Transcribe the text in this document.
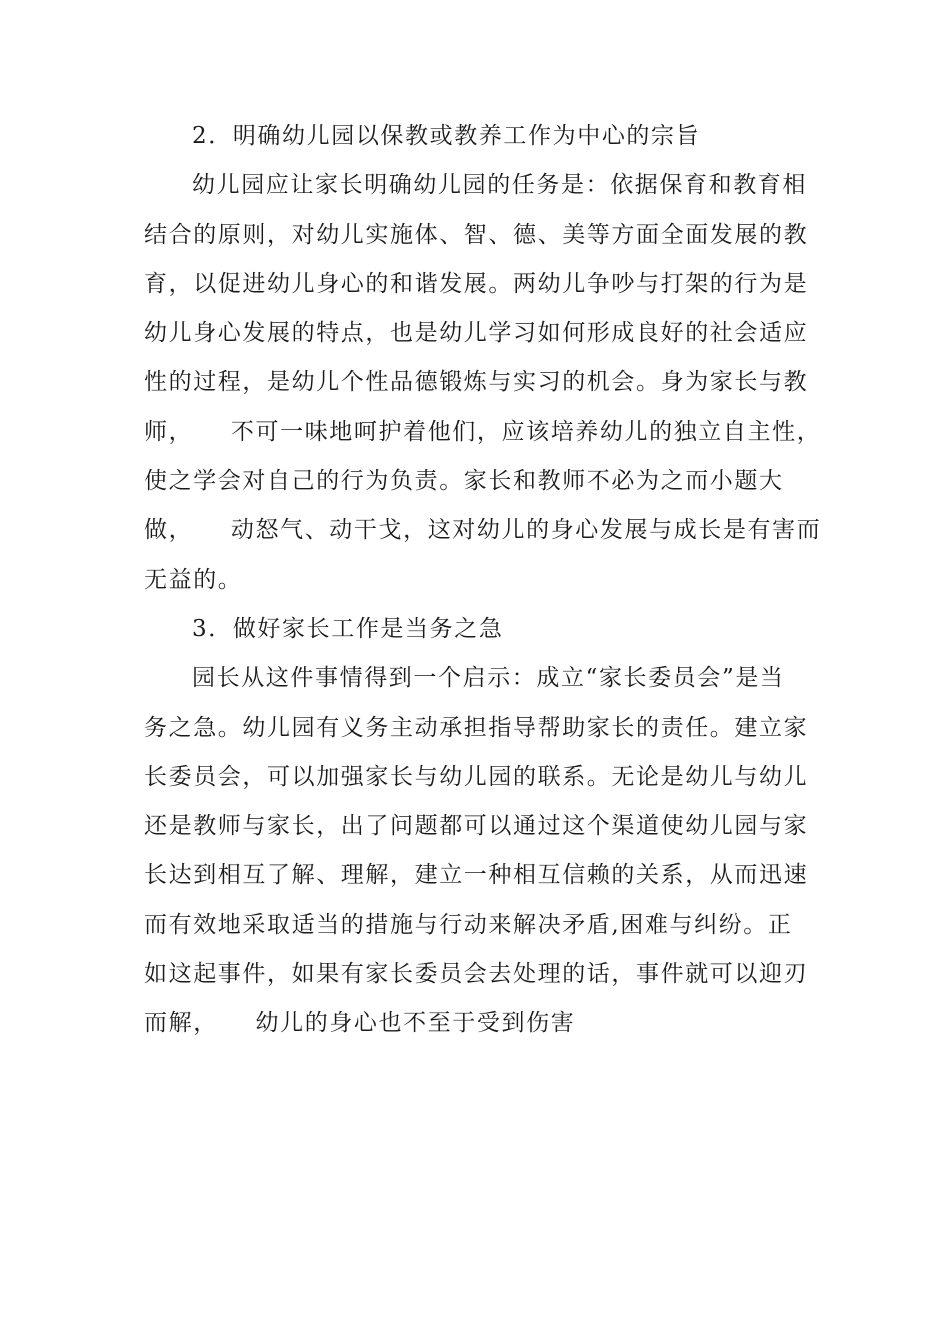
2．明确幼儿园以保教或教养工作为中心的宗旨
幼儿园应让家长明确幼儿园的任务是：依据保育和教育相
结合的原则，对幼儿实施体、智、德、美等方面全面发展的教
育，以促进幼儿身心的和谐发展。两幼儿争吵与打架的行为是
幼儿身心发展的特点，也是幼儿学习如何形成良好的社会适应
性的过程，是幼儿个性品德锻炼与实习的机会。身为家长与教
师，　　不可一味地呵护着他们，应该培养幼儿的独立自主性，
使之学会对自己的行为负责。家长和教师不必为之而小题大
做，　　动怒气、动干戈，这对幼儿的身心发展与成长是有害而
无益的。
3．做好家长工作是当务之急
园长从这件事情得到一个启示：成立“家长委员会”是当
务之急。幼儿园有义务主动承担指导帮助家长的责任。建立家
长委员会，可以加强家长与幼儿园的联系。无论是幼儿与幼儿
还是教师与家长，出了问题都可以通过这个渠道使幼儿园与家
长达到相互了解、理解，建立一种相互信赖的关系，从而迅速
而有效地采取适当的措施与行动来解决矛盾,困难与纠纷。正
如这起事件，如果有家长委员会去处理的话，事件就可以迎刃
而解，　　幼儿的身心也不至于受到伤害
